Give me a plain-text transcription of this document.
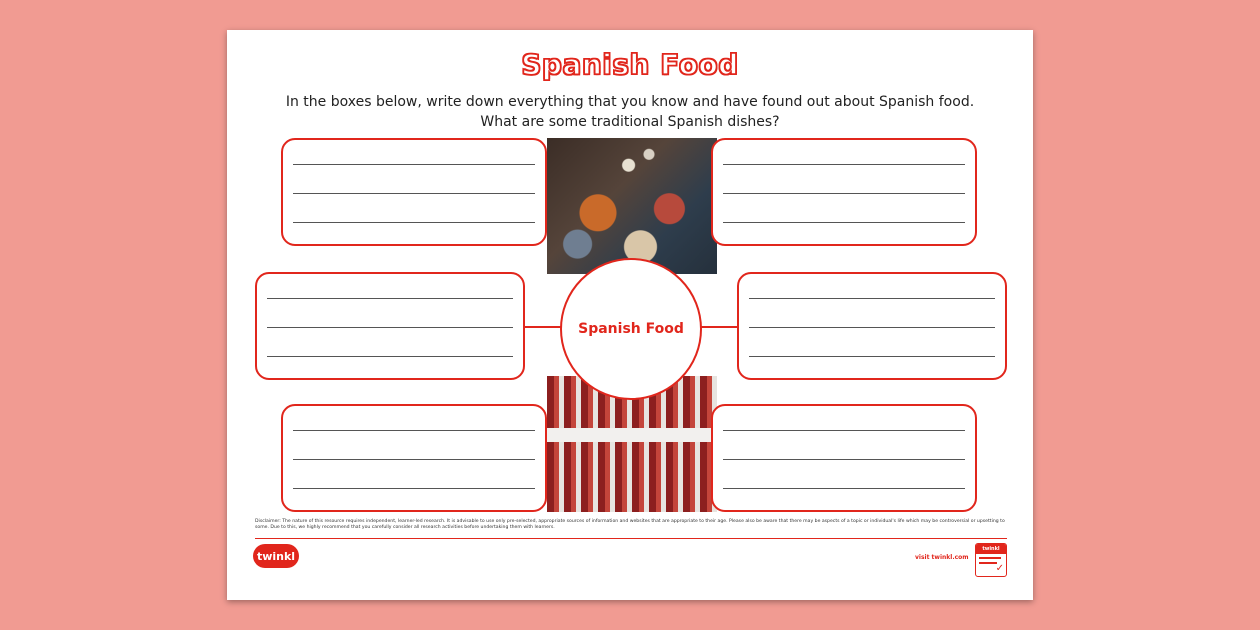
Spanish Food
In the boxes below, write down everything that you know and have found out about Spanish food.
What are some traditional Spanish dishes?
Spanish Food
Disclaimer: The nature of this resource requires independent, learner-led research. It is advisable to use only pre-selected, appropriate sources of information and websites that are appropriate to their age. Please also be aware that there may be aspects of a topic or individual's life which may be controversial or upsetting to some. Due to this, we highly recommend that you carefully consider all research activities before undertaking them with learners.
twinkl	visit twinkl.com
twinkl
✓
